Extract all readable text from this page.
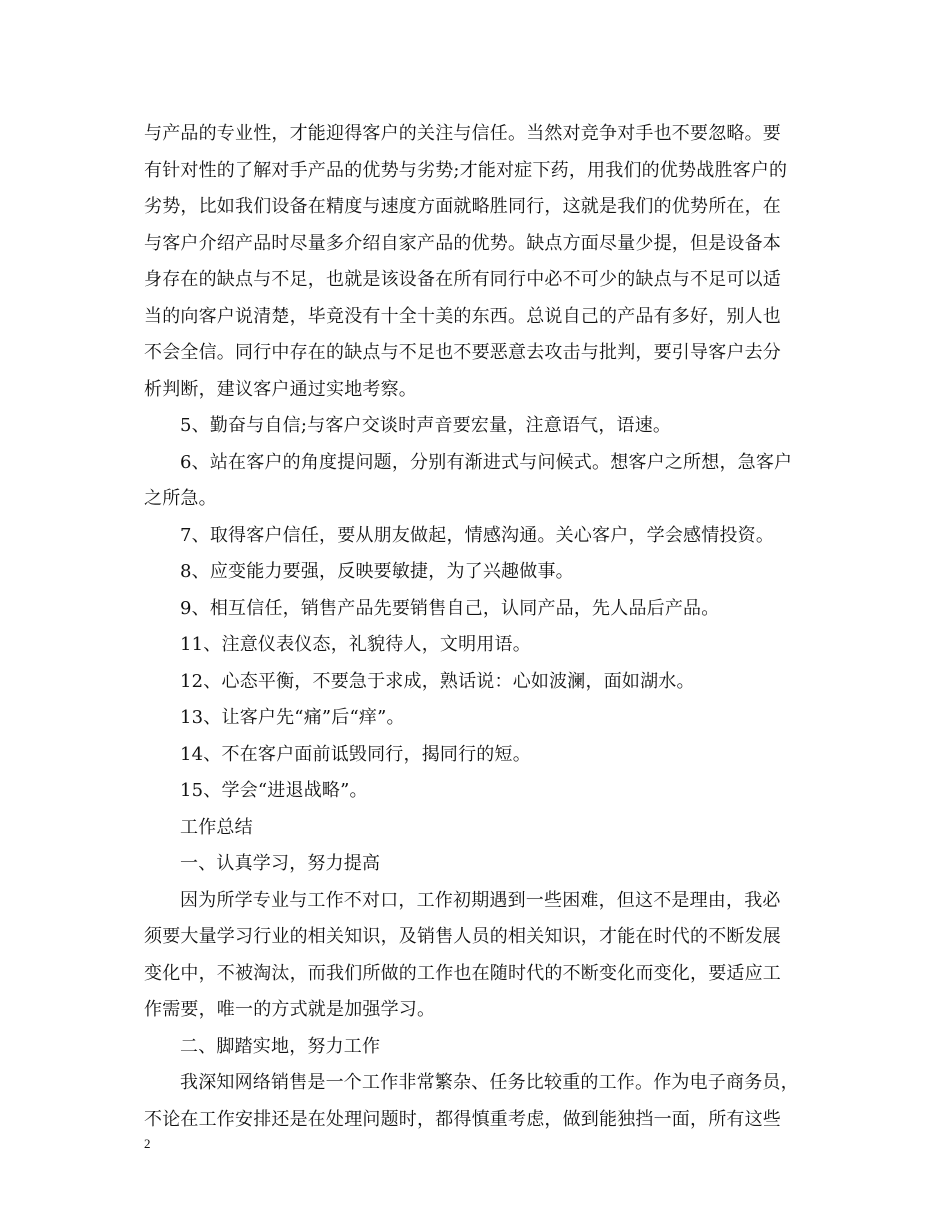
与产品的专业性，才能迎得客户的关注与信任。当然对竞争对手也不要忽略。要
有针对性的了解对手产品的优势与劣势;才能对症下药，用我们的优势战胜客户的
劣势，比如我们设备在精度与速度方面就略胜同行，这就是我们的优势所在，在
与客户介绍产品时尽量多介绍自家产品的优势。缺点方面尽量少提，但是设备本
身存在的缺点与不足，也就是该设备在所有同行中必不可少的缺点与不足可以适
当的向客户说清楚，毕竟没有十全十美的东西。总说自己的产品有多好，别人也
不会全信。同行中存在的缺点与不足也不要恶意去攻击与批判，要引导客户去分
析判断，建议客户通过实地考察。
5、勤奋与自信;与客户交谈时声音要宏量，注意语气，语速。
6、站在客户的角度提问题，分别有渐进式与问候式。想客户之所想，急客户
之所急。
7、取得客户信任，要从朋友做起，情感沟通。关心客户，学会感情投资。
8、应变能力要强，反映要敏捷，为了兴趣做事。
9、相互信任，销售产品先要销售自己，认同产品，先人品后产品。
11、注意仪表仪态，礼貌待人，文明用语。
12、心态平衡，不要急于求成，熟话说：心如波澜，面如湖水。
13、让客户先“痛”后“痒”。
14、不在客户面前诋毁同行，揭同行的短。
15、学会“进退战略”。
工作总结
一、认真学习，努力提高
因为所学专业与工作不对口，工作初期遇到一些困难，但这不是理由，我必
须要大量学习行业的相关知识，及销售人员的相关知识，才能在时代的不断发展
变化中，不被淘汰，而我们所做的工作也在随时代的不断变化而变化，要适应工
作需要，唯一的方式就是加强学习。
二、脚踏实地，努力工作
我深知网络销售是一个工作非常繁杂、任务比较重的工作。作为电子商务员，
不论在工作安排还是在处理问题时，都得慎重考虑，做到能独挡一面，所有这些
2
